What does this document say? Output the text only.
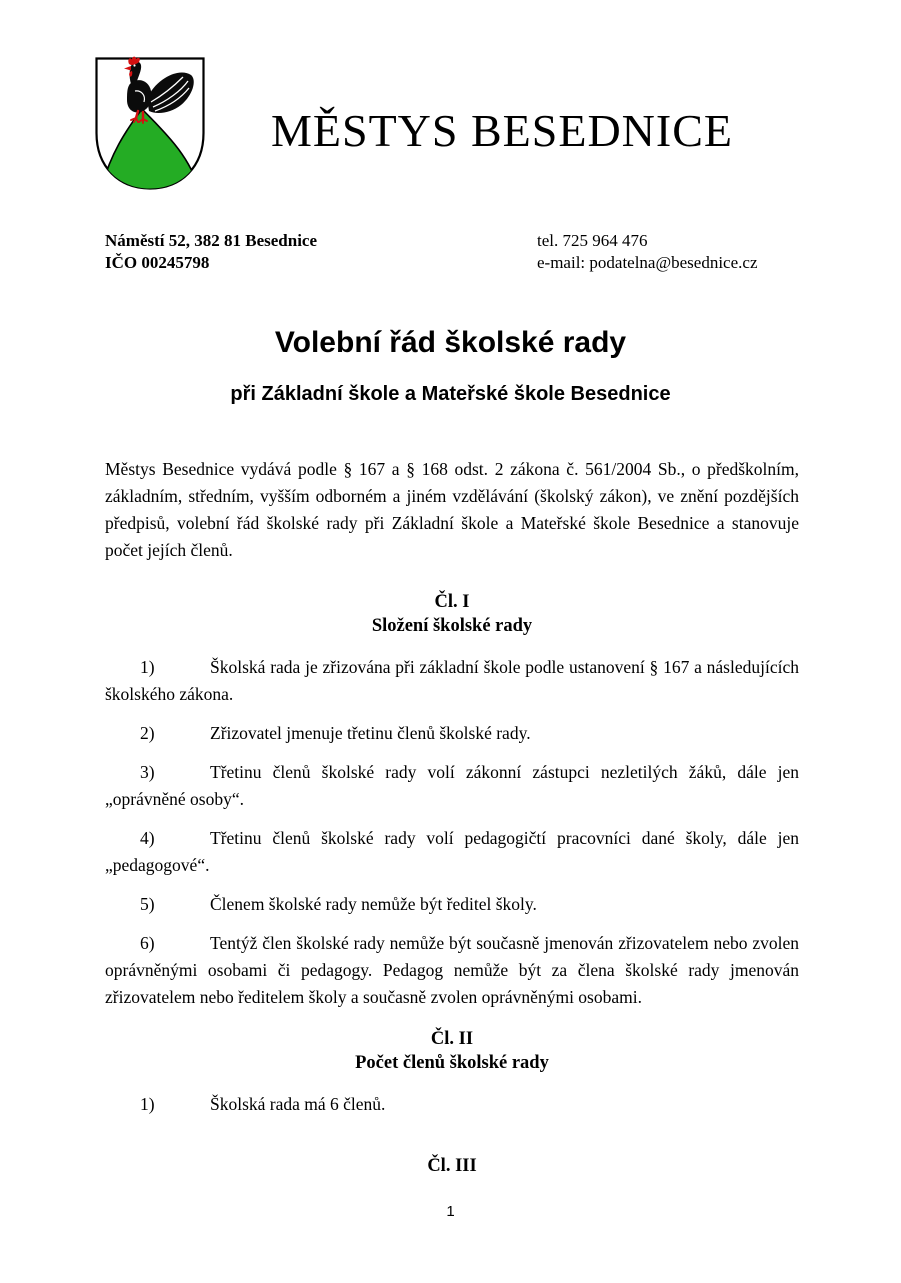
MĚSTYS BESEDNICE
Náměstí 52, 382 81 Besednice
IČO 00245798
tel. 725 964 476
e-mail: podatelna@besednice.cz
Volební řád školské rady
při Základní škole a Mateřské škole Besednice

Městys Besednice vydává podle § 167 a § 168 odst. 2 zákona č. 561/2004 Sb., o předškolním, základním, středním, vyšším odborném a jiném vzdělávání (školský zákon), ve znění pozdějších předpisů, volební řád školské rady při Základní škole a Mateřské škole Besednice a stanovuje počet jejích členů.

Čl. I
Složení školské rady

1)	Školská rada je zřizována při základní škole podle ustanovení § 167 a následujících školského zákona.

2)	Zřizovatel jmenuje třetinu členů školské rady.

3)	Třetinu členů školské rady volí zákonní zástupci nezletilých žáků, dále jen „oprávněné osoby“.

4)	Třetinu členů školské rady volí pedagogičtí pracovníci dané školy, dále jen „pedagogové“.

5)	Členem školské rady nemůže být ředitel školy.

6)	Tentýž člen školské rady nemůže být současně jmenován zřizovatelem nebo zvolen oprávněnými osobami či pedagogy. Pedagog nemůže být za člena školské rady jmenován zřizovatelem nebo ředitelem školy a současně zvolen oprávněnými osobami.

Čl. II
Počet členů školské rady

1)	Školská rada má 6 členů.

Čl. III
1
